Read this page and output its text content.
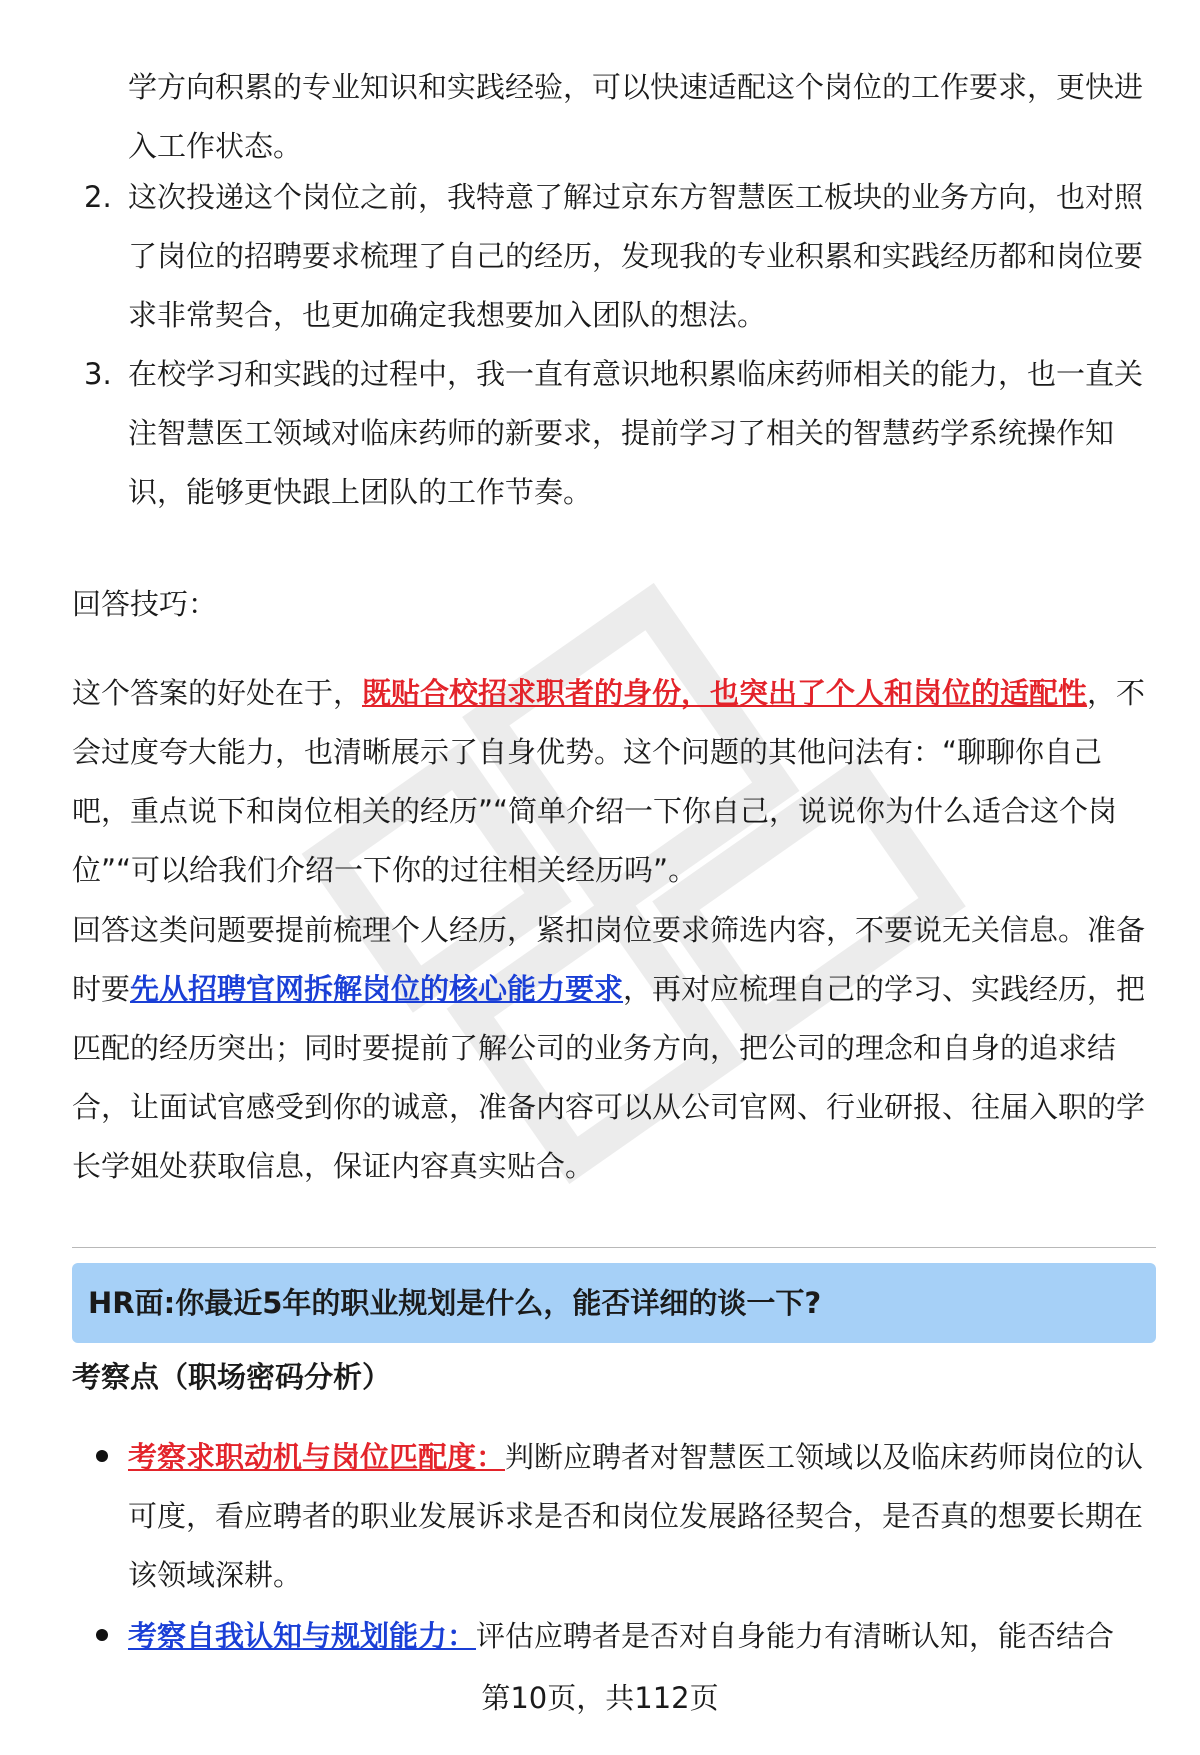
学方向积累的专业知识和实践经验，可以快速适配这个岗位的工作要求，更快进入工作状态。
2. 这次投递这个岗位之前，我特意了解过京东方智慧医工板块的业务方向，也对照了岗位的招聘要求梳理了自己的经历，发现我的专业积累和实践经历都和岗位要求非常契合，也更加确定我想要加入团队的想法。
3. 在校学习和实践的过程中，我一直有意识地积累临床药师相关的能力，也一直关注智慧医工领域对临床药师的新要求，提前学习了相关的智慧药学系统操作知识，能够更快跟上团队的工作节奏。
回答技巧：
这个答案的好处在于，既贴合校招求职者的身份，也突出了个人和岗位的适配性，不会过度夸大能力，也清晰展示了自身优势。这个问题的其他问法有：“聊聊你自己吧，重点说下和岗位相关的经历”“简单介绍一下你自己，说说你为什么适合这个岗位”“可以给我们介绍一下你的过往相关经历吗”。
回答这类问题要提前梳理个人经历，紧扣岗位要求筛选内容，不要说无关信息。准备时要先从招聘官网拆解岗位的核心能力要求，再对应梳理自己的学习、实践经历，把匹配的经历突出；同时要提前了解公司的业务方向，把公司的理念和自身的追求结合，让面试官感受到你的诚意，准备内容可以从公司官网、行业研报、往届入职的学长学姐处获取信息，保证内容真实贴合。
HR面:你最近5年的职业规划是什么，能否详细的谈一下?
考察点（职场密码分析）
考察求职动机与岗位匹配度：判断应聘者对智慧医工领域以及临床药师岗位的认可度，看应聘者的职业发展诉求是否和岗位发展路径契合，是否真的想要长期在该领域深耕。
考察自我认知与规划能力：评估应聘者是否对自身能力有清晰认知，能否结合
第10页，共112页
